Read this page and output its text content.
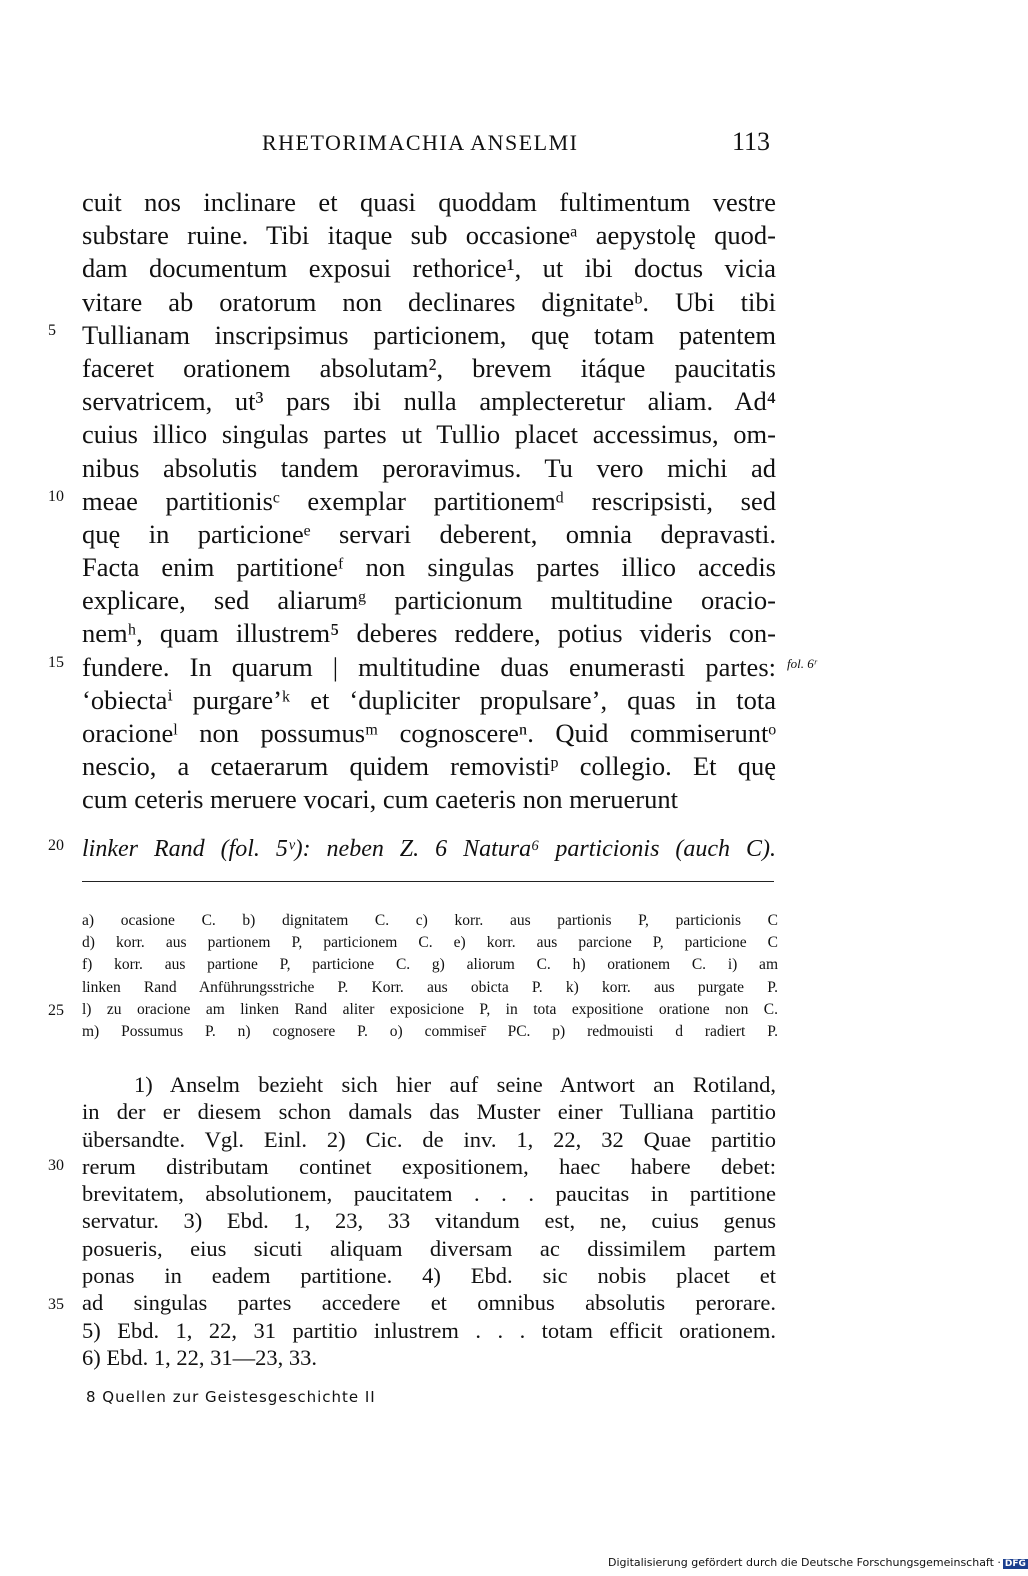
RHETORIMACHIA ANSELMI	113
cuit nos inclinare et quasi quoddam fultimentum vestre
substare ruine. Tibi itaque sub occasioneᵃ aepystolę quod-
dam documentum exposui rethorice¹, ut ibi doctus vicia
vitare ab oratorum non declinares dignitateᵇ. Ubi tibi
Tullianam inscripsimus particionem, quę totam patentem
faceret orationem absolutam², brevem itáque paucitatis
servatricem, ut³ pars ibi nulla amplecteretur aliam. Ad⁴
cuius illico singulas partes ut Tullio placet accessimus, om-
nibus absolutis tandem peroravimus. Tu vero michi ad
meae partitionisᶜ exemplar partitionemᵈ rescripsisti, sed
quę in particioneᵉ servari deberent, omnia depravasti.
Facta enim partitioneᶠ non singulas partes illico accedis
explicare, sed aliarumᵍ particionum multitudine oracio-
nemʰ, quam illustrem⁵ deberes reddere, potius videris con-
fundere. In quarum | multitudine duas enumerasti partes:
‘obiectaⁱ purgare’ᵏ et ‘dupliciter propulsare’, quas in tota
oracioneˡ non possumusᵐ cognoscereⁿ. Quid commiseruntᵒ
nescio, a cetaerarum quidem removistiᵖ collegio. Et quę
cum ceteris meruere vocari, cum caeteris non meruerunt
5
10
15
20
25
30
35
fol. 6ʳ
linker Rand (fol. 5ᵛ): neben Z. 6 Natura⁶ particionis (auch C).
a) ocasione C. b) dignitatem C. c) korr. aus partionis P, particionis C
d) korr. aus partionem P, particionem C. e) korr. aus parcione P, particione C
f) korr. aus partione P, particione C. g) aliorum C. h) orationem C. i) am
linken Rand Anführungsstriche P. Korr. aus obicta P. k) korr. aus purgate P.
l) zu oracione am linken Rand aliter exposicione P, in tota expositione oratione non C.
m) Possumus P. n) cognosere P. o) commiser̄ PC. p) redmouisti d radiert P.
1) Anselm bezieht sich hier auf seine Antwort an Rotiland,
in der er diesem schon damals das Muster einer Tulliana partitio
übersandte. Vgl. Einl. 2) Cic. de inv. 1, 22, 32 Quae partitio
rerum distributam continet expositionem, haec habere debet:
brevitatem, absolutionem, paucitatem . . . paucitas in partitione
servatur. 3) Ebd. 1, 23, 33 vitandum est, ne, cuius genus
posueris, eius sicuti aliquam diversam ac dissimilem partem
ponas in eadem partitione. 4) Ebd. sic nobis placet et
ad singulas partes accedere et omnibus absolutis perorare.
5) Ebd. 1, 22, 31 partitio inlustrem . . . totam efficit orationem.
6) Ebd. 1, 22, 31—23, 33.
8 Quellen zur Geistesgeschichte II
Digitalisierung gefördert durch die Deutsche Forschungsgemeinschaft · DFG
